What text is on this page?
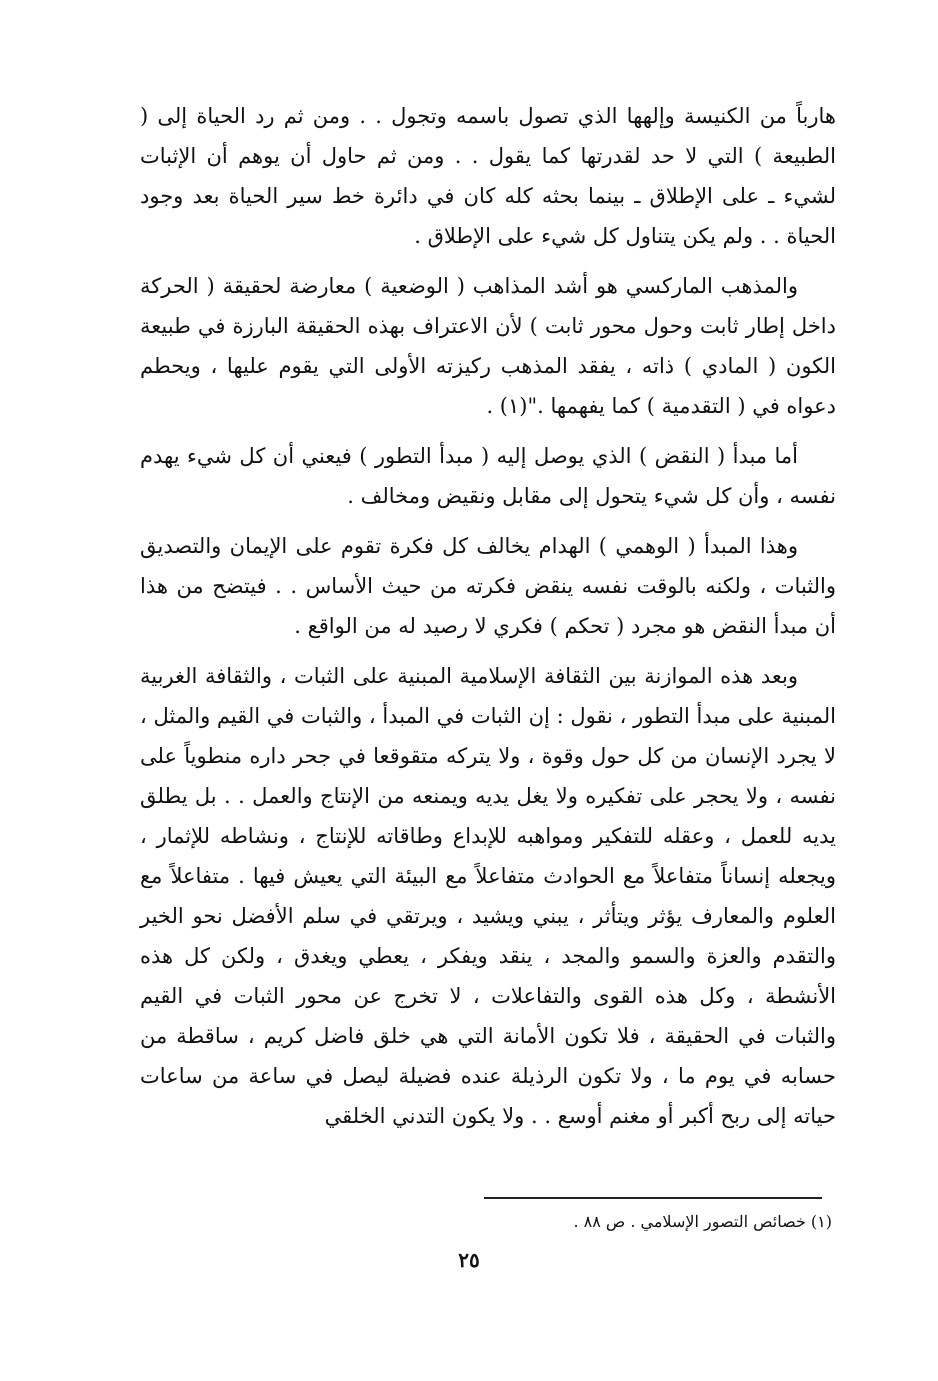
هارباً من الكنيسة وإلهها الذي تصول باسمه وتجول . . ومن ثم رد الحياة إلى ( الطبيعة ) التي لا حد لقدرتها كما يقول . . ومن ثم حاول أن يوهم أن الإثبات لشيء ـ على الإطلاق ـ بينما بحثه كله كان في دائرة خط سير الحياة بعد وجود الحياة . . ولم يكن يتناول كل شيء على الإطلاق .

والمذهب الماركسي هو أشد المذاهب ( الوضعية ) معارضة لحقيقة ( الحركة داخل إطار ثابت وحول محور ثابت ) لأن الاعتراف بهذه الحقيقة البارزة في طبيعة الكون ( المادي ) ذاته ، يفقد المذهب ركيزته الأولى التي يقوم عليها ، ويحطم دعواه في ( التقدمية ) كما يفهمها ."(١) .

أما مبدأ ( النقض ) الذي يوصل إليه ( مبدأ التطور ) فيعني أن كل شيء يهدم نفسه ، وأن كل شيء يتحول إلى مقابل ونقيض ومخالف .

وهذا المبدأ ( الوهمي ) الهدام يخالف كل فكرة تقوم على الإيمان والتصديق والثبات ، ولكنه بالوقت نفسه ينقض فكرته من حيث الأساس . . فيتضح من هذا أن مبدأ النقض هو مجرد ( تحكم ) فكري لا رصيد له من الواقع .

وبعد هذه الموازنة بين الثقافة الإسلامية المبنية على الثبات ، والثقافة الغربية المبنية على مبدأ التطور ، نقول : إن الثبات في المبدأ ، والثبات في القيم والمثل ، لا يجرد الإنسان من كل حول وقوة ، ولا يتركه متقوقعا في جحر داره منطوياً على نفسه ، ولا يحجر على تفكيره ولا يغل يديه ويمنعه من الإنتاج والعمل . . بل يطلق يديه للعمل ، وعقله للتفكير ومواهبه للإبداع وطاقاته للإنتاج ، ونشاطه للإثمار ، ويجعله إنساناً متفاعلاً مع الحوادث متفاعلاً مع البيئة التي يعيش فيها . متفاعلاً مع العلوم والمعارف يؤثر ويتأثر ، يبني ويشيد ، ويرتقي في سلم الأفضل نحو الخير والتقدم والعزة والسمو والمجد ، ينقد ويفكر ، يعطي ويغدق ، ولكن كل هذه الأنشطة ، وكل هذه القوى والتفاعلات ، لا تخرج عن محور الثبات في القيم والثبات في الحقيقة ، فلا تكون الأمانة التي هي خلق فاضل كريم ، ساقطة من حسابه في يوم ما ، ولا تكون الرذيلة عنده فضيلة ليصل في ساعة من ساعات حياته إلى ربح أكبر أو مغنم أوسع . . ولا يكون التدني الخلقي

(١) خصائص التصور الإسلامي . ص ٨٨ .
٢٥
